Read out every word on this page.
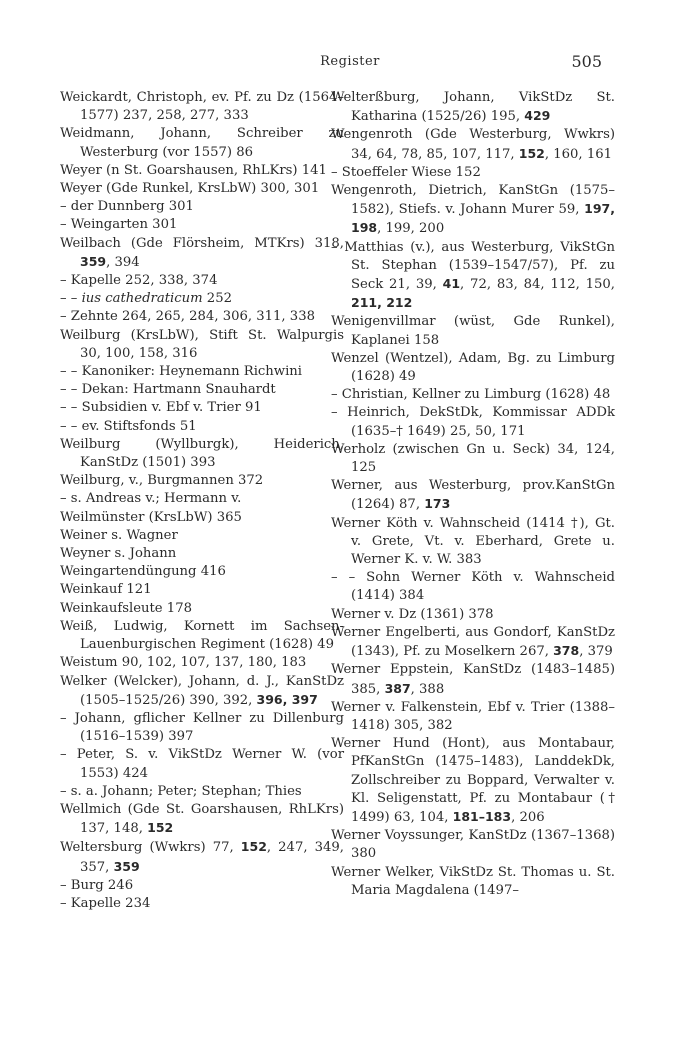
Register	505
Weickardt, Christoph, ev. Pf. zu Dz (1564–1577) 237, 258, 277, 333
Weidmann, Johann, Schreiber zu Westerburg (vor 1557) 86
Weyer (n St. Goarshausen, RhLKrs) 141
Weyer (Gde Runkel, KrsLbW) 300, 301
– der Dunnberg 301
– Weingarten 301
Weilbach (Gde Flörsheim, MTKrs) 318, 359, 394
– Kapelle 252, 338, 374
– – ius cathedraticum 252
– Zehnte 264, 265, 284, 306, 311, 338
Weilburg (KrsLbW), Stift St. Walpurgis 30, 100, 158, 316
– – Kanoniker: Heynemann Richwini
– – Dekan: Hartmann Snauhardt
– – Subsidien v. Ebf v. Trier 91
– – ev. Stiftsfonds 51
Weilburg (Wyllburgk), Heiderich, KanStDz (1501) 393
Weilburg, v., Burgmannen 372
– s. Andreas v.; Hermann v.
Weilmünster (KrsLbW) 365
Weiner s. Wagner
Weyner s. Johann
Weingartendüngung 416
Weinkauf 121
Weinkaufsleute 178
Weiß, Ludwig, Kornett im Sachsen-Lauenburgischen Regiment (1628) 49
Weistum 90, 102, 107, 137, 180, 183
Welker (Welcker), Johann, d. J., KanStDz (1505–1525/26) 390, 392, 396, 397
– Johann, gflicher Kellner zu Dillenburg (1516–1539) 397
– Peter, S. v. VikStDz Werner W. (vor 1553) 424
– s. a. Johann; Peter; Stephan; Thies
Wellmich (Gde St. Goarshausen, RhLKrs) 137, 148, 152
Weltersburg (Wwkrs) 77, 152, 247, 349, 357, 359
– Burg 246
– Kapelle 234
Welterßburg, Johann, VikStDz St. Katharina (1525/26) 195, 429
Wengenroth (Gde Westerburg, Wwkrs) 34, 64, 78, 85, 107, 117, 152, 160, 161
– Stoeffeler Wiese 152
Wengenroth, Dietrich, KanStGn (1575–1582), Stiefs. v. Johann Murer 59, 197, 198, 199, 200
– Matthias (v.), aus Westerburg, VikStGn St. Stephan (1539–1547/57), Pf. zu Seck 21, 39, 41, 72, 83, 84, 112, 150, 211, 212
Wenigenvillmar (wüst, Gde Runkel), Kaplanei 158
Wenzel (Wentzel), Adam, Bg. zu Limburg (1628) 49
– Christian, Kellner zu Limburg (1628) 48
– Heinrich, DekStDk, Kommissar ADDk (1635–† 1649) 25, 50, 171
Werholz (zwischen Gn u. Seck) 34, 124, 125
Werner, aus Westerburg, prov.KanStGn (1264) 87, 173
Werner Köth v. Wahnscheid (1414 †), Gt. v. Grete, Vt. v. Eberhard, Grete u. Werner K. v. W. 383
– – Sohn Werner Köth v. Wahnscheid (1414) 384
Werner v. Dz (1361) 378
Werner Engelberti, aus Gondorf, KanStDz (1343), Pf. zu Moselkern 267, 378, 379
Werner Eppstein, KanStDz (1483–1485) 385, 387, 388
Werner v. Falkenstein, Ebf v. Trier (1388–1418) 305, 382
Werner Hund (Hont), aus Montabaur, PfKanStGn (1475–1483), LanddekDk, Zollschreiber zu Boppard, Verwalter v. Kl. Seligenstatt, Pf. zu Montabaur († 1499) 63, 104, 181–183, 206
Werner Voyssunger, KanStDz (1367–1368) 380
Werner Welker, VikStDz St. Thomas u. St. Maria Magdalena (1497–
